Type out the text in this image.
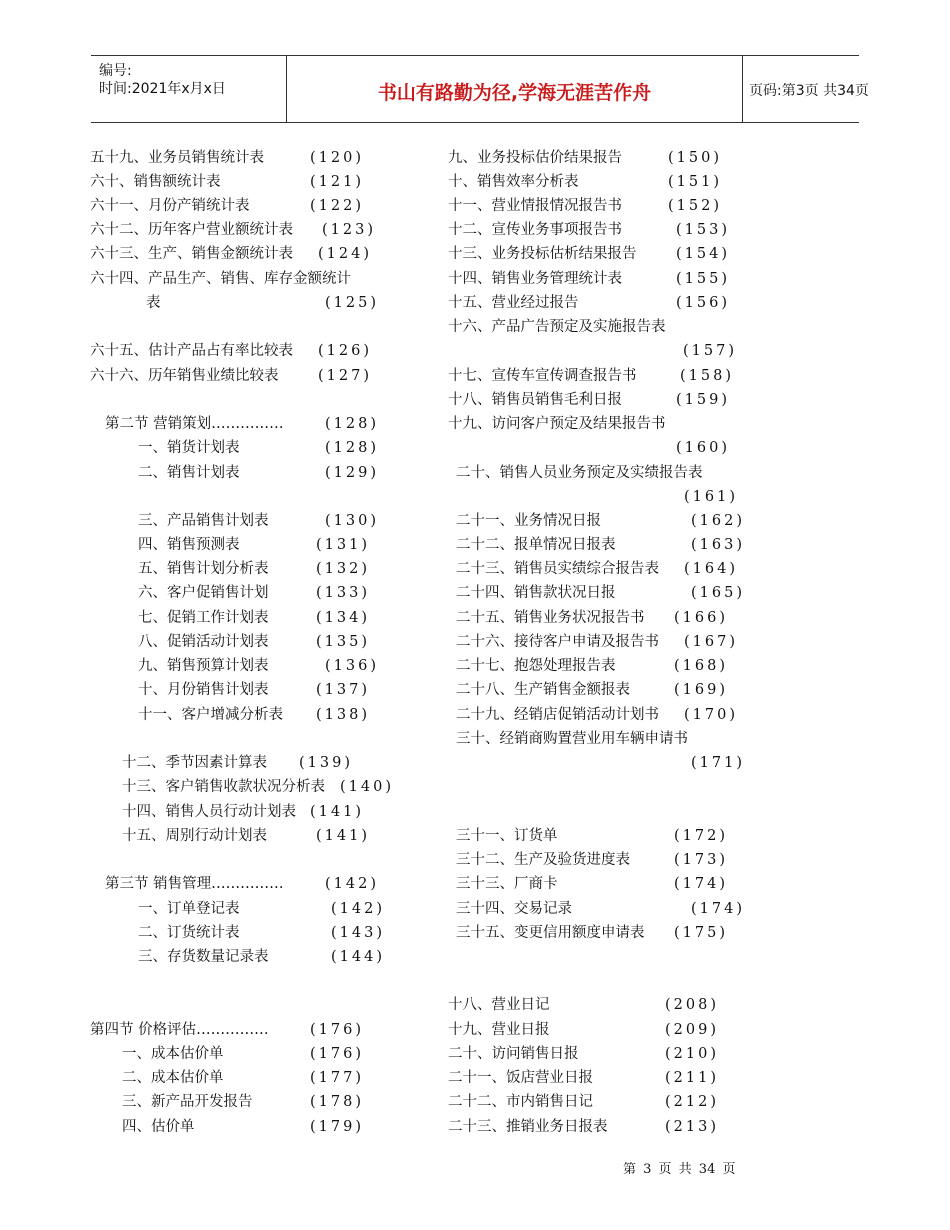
编号:
时间:2021年x月x日	书山有路勤为径,学海无涯苦作舟	页码:第3页 共34页
五十九、业务员销售统计表	(120)
六十、销售额统计表	(121)
六十一、月份产销统计表	(122)
六十二、历年客户营业额统计表 (123)
六十三、生产、销售金额统计表 (124)
六十四、产品生产、销售、库存金额统计
表	(125)
六十五、估计产品占有率比较表 (126)
六十六、历年销售业绩比较表	(127)
第二节 营销策划……………	(128)
一、销货计划表	(128)
二、销售计划表	(129)
三、产品销售计划表	(130)
四、销售预测表	(131)
五、销售计划分析表	(132)
六、客户促销售计划	(133)
七、促销工作计划表	(134)
八、促销活动计划表	(135)
九、销售预算计划表	(136)
十、月份销售计划表	(137)
十一、客户增减分析表 (138)
十二、季节因素计算表 (139)
十三、客户销售收款状况分析表 (140)
十四、销售人员行动计划表 (141)
十五、周别行动计划表	(141)
第三节 销售管理……………	(142)
一、订单登记表	(142)
二、订货统计表	(143)
三、存货数量记录表	(144)
第四节 价格评估……………	(176)
一、成本估价单	(176)
二、成本估价单	(177)
三、新产品开发报告	(178)
四、估价单	(179)
九、业务投标估价结果报告	(150)
十、销售效率分析表	(151)
十一、营业情报情况报告书	(152)
十二、宣传业务事项报告书	(153)
十三、业务投标估析结果报告	(154)
十四、销售业务管理统计表	(155)
十五、营业经过报告	(156)
十六、产品广告预定及实施报告表
(157)
十七、宣传车宣传调查报告书	(158)
十八、销售员销售毛利日报	(159)
十九、访问客户预定及结果报告书
(160)
二十、销售人员业务预定及实绩报告表
(161)
二十一、业务情况日报	(162)
二十二、报单情况日报表	(163)
二十三、销售员实绩综合报告表 (164)
二十四、销售款状况日报	(165)
二十五、销售业务状况报告书 (166)
二十六、接待客户申请及报告书 (167)
二十七、抱怨处理报告表	(168)
二十八、生产销售金额报表	(169)
二十九、经销店促销活动计划书 (170)
三十、经销商购置营业用车辆申请书
(171)
三十一、订货单	(172)
三十二、生产及验货进度表	(173)
三十三、厂商卡	(174)
三十四、交易记录	(174)
三十五、变更信用额度申请表 (175)
十八、营业日记	(208)
十九、营业日报	(209)
二十、访问销售日报	(210)
二十一、饭店营业日报	(211)
二十二、市内销售日记	(212)
二十三、推销业务日报表	(213)
第 3 页 共 34 页
